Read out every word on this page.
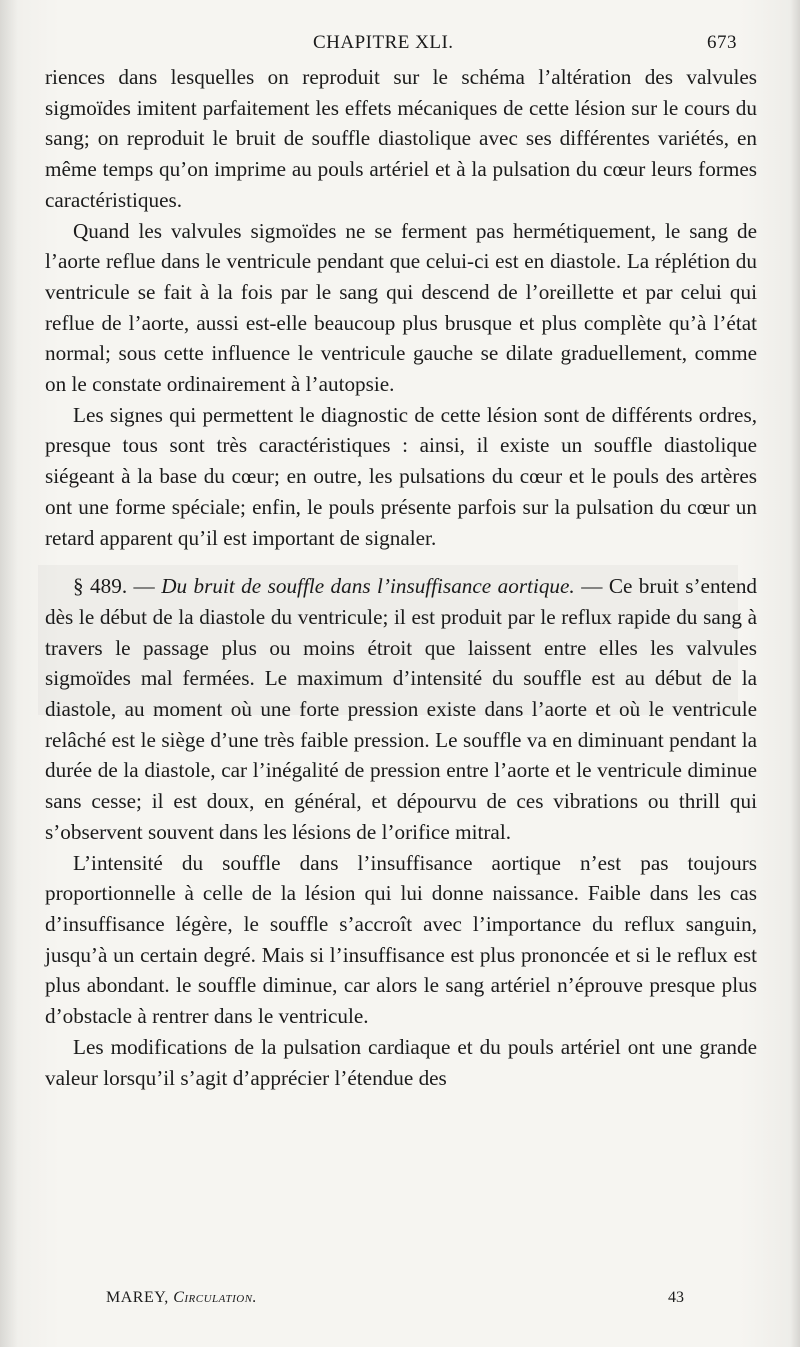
CHAPITRE XLI.	673

riences dans lesquelles on reproduit sur le schéma l’altération des valvules sigmoïdes imitent parfaitement les effets mécaniques de cette lésion sur le cours du sang; on reproduit le bruit de souffle diastolique avec ses différentes variétés, en même temps qu’on imprime au pouls artériel et à la pulsation du cœur leurs formes caractéristiques.

Quand les valvules sigmoïdes ne se ferment pas hermétiquement, le sang de l’aorte reflue dans le ventricule pendant que celui-ci est en diastole. La réplétion du ventricule se fait à la fois par le sang qui descend de l’oreillette et par celui qui reflue de l’aorte, aussi est-elle beaucoup plus brusque et plus complète qu’à l’état normal; sous cette influence le ventricule gauche se dilate graduellement, comme on le constate ordinairement à l’autopsie.

Les signes qui permettent le diagnostic de cette lésion sont de différents ordres, presque tous sont très caractéristiques : ainsi, il existe un souffle diastolique siégeant à la base du cœur; en outre, les pulsations du cœur et le pouls des artères ont une forme spéciale; enfin, le pouls présente parfois sur la pulsation du cœur un retard apparent qu’il est important de signaler.

§ 489. — Du bruit de souffle dans l’insuffisance aortique. — Ce bruit s’entend dès le début de la diastole du ventricule; il est produit par le reflux rapide du sang à travers le passage plus ou moins étroit que laissent entre elles les valvules sigmoïdes mal fermées. Le maximum d’intensité du souffle est au début de la diastole, au moment où une forte pression existe dans l’aorte et où le ventricule relâché est le siège d’une très faible pression. Le souffle va en diminuant pendant la durée de la diastole, car l’inégalité de pression entre l’aorte et le ventricule diminue sans cesse; il est doux, en général, et dépourvu de ces vibrations ou thrill qui s’observent souvent dans les lésions de l’orifice mitral.

L’intensité du souffle dans l’insuffisance aortique n’est pas toujours proportionnelle à celle de la lésion qui lui donne naissance. Faible dans les cas d’insuffisance légère, le souffle s’accroît avec l’importance du reflux sanguin, jusqu’à un certain degré. Mais si l’insuffisance est plus prononcée et si le reflux est plus abondant. le souffle diminue, car alors le sang artériel n’éprouve presque plus d’obstacle à rentrer dans le ventricule.

Les modifications de la pulsation cardiaque et du pouls artériel ont une grande valeur lorsqu’il s’agit d’apprécier l’étendue des

MAREY, Circulation.	43
